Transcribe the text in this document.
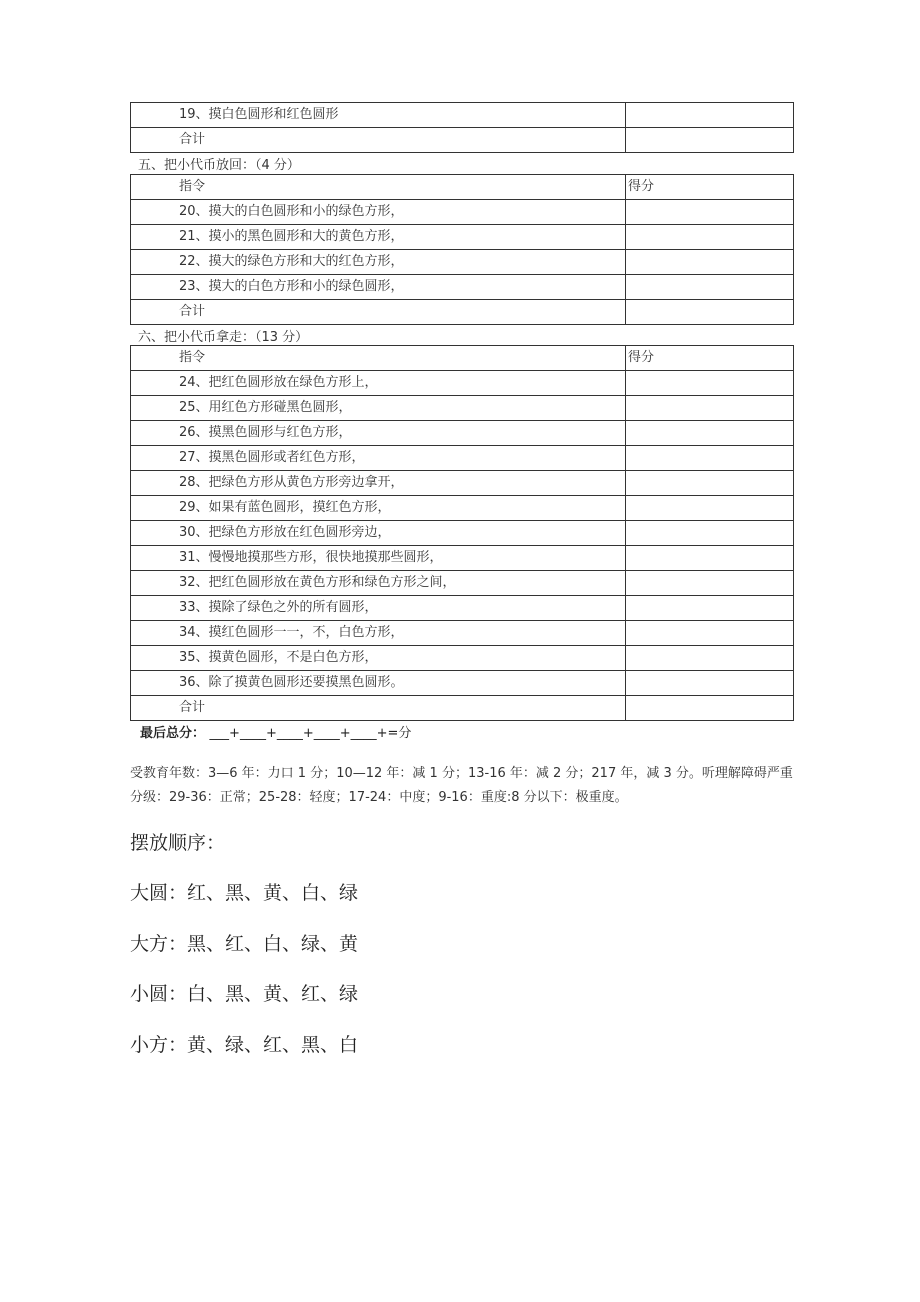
19、摸白色圆形和红色圆形	
合计	
五、把小代币放回：（4 分）
指令	得分
20、摸大的白色圆形和小的绿色方形，	
21、摸小的黑色圆形和大的黄色方形，	
22、摸大的绿色方形和大的红色方形，	
23、摸大的白色方形和小的绿色圆形，	
合计	
六、把小代币拿走：（13 分）
指令	得分
24、把红色圆形放在绿色方形上，	
25、用红色方形碰黑色圆形，	
26、摸黑色圆形与红色方形，	
27、摸黑色圆形或者红色方形，	
28、把绿色方形从黄色方形旁边拿开，	
29、如果有蓝色圆形，摸红色方形，	
30、把绿色方形放在红色圆形旁边，	
31、慢慢地摸那些方形，很快地摸那些圆形，	
32、把红色圆形放在黄色方形和绿色方形之间，	
33、摸除了绿色之外的所有圆形，	
34、摸红色圆形一一，不，白色方形，	
35、摸黄色圆形，不是白色方形，	
36、除了摸黄色圆形还要摸黑色圆形。	
合计	
最后总分： ___+____+____+____+____+=分
受教育年数：3—6 年：力口 1 分；10—12 年：减 1 分；13-16 年：减 2 分；217 年，减 3 分。听理解障碍严重分级：29-36：正常；25-28：轻度；17-24：中度；9-16：重度:8 分以下：极重度。
摆放顺序：
大圆：红、黑、黄、白、绿
大方：黑、红、白、绿、黄
小圆：白、黑、黄、红、绿
小方：黄、绿、红、黑、白
